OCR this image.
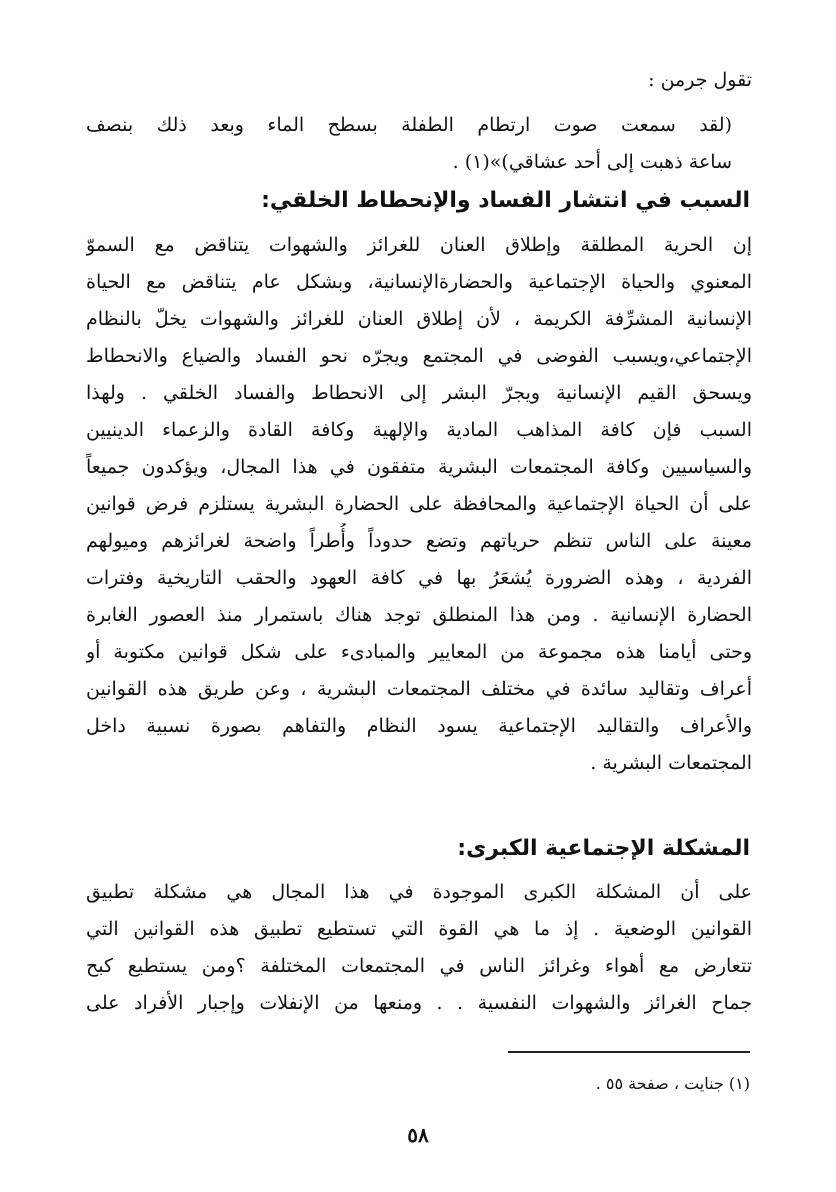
تقول جرمن :
(لقد سمعت صوت ارتطام الطفلة بسطح الماء وبعد ذلك بنصف
ساعة ذهبت إلى أحد عشاقي)»(١) .
السبب في انتشار الفساد والإنحطاط الخلقي:
إن الحرية المطلقة وإطلاق العنان للغرائز والشهوات يتناقض مع السموّ
المعنوي والحياة الإجتماعية والحضارةالإنسانية، وبشكل عام يتناقض مع الحياة
الإنسانية المشرِّفة الكريمة ، لأن إطلاق العنان للغرائز والشهوات يخلّ بالنظام
الإجتماعي،ويسبب الفوضى في المجتمع ويجرّه نحو الفساد والضياع والانحطاط
ويسحق القيم الإنسانية ويجرّ البشر إلى الانحطاط والفساد الخلقي . ولهذا
السبب فإن كافة المذاهب المادية والإلهية وكافة القادة والزعماء الدينيين
والسياسيين وكافة المجتمعات البشرية متفقون في هذا المجال، ويؤكدون جميعاً
على أن الحياة الإجتماعية والمحافظة على الحضارة البشرية يستلزم فرض قوانين
معينة على الناس تنظم حرياتهم وتضع حدوداً وأُطراً واضحة لغرائزهم وميولهم
الفردية ، وهذه الضرورة يُشعَرُ بها في كافة العهود والحقب التاريخية وفترات
الحضارة الإنسانية . ومن هذا المنطلق توجد هناك باستمرار منذ العصور الغابرة
وحتى أيامنا هذه مجموعة من المعايير والمبادىء على شكل قوانين مكتوبة أو
أعراف وتقاليد سائدة في مختلف المجتمعات البشرية ، وعن طريق هذه القوانين
والأعراف والتقاليد الإجتماعية يسود النظام والتفاهم بصورة نسبية داخل
المجتمعات البشرية .
المشكلة الإجتماعية الكبرى:
على أن المشكلة الكبرى الموجودة في هذا المجال هي مشكلة تطبيق
القوانين الوضعية . إذ ما هي القوة التي تستطيع تطبيق هذه القوانين التي
تتعارض مع أهواء وغرائز الناس في المجتمعات المختلفة ؟ومن يستطيع كبح
جماح الغرائز والشهوات النفسية . . ومنعها من الإنفلات وإجبار الأفراد على
(١) جنايت ، صفحة ٥٥ .
٥٨
